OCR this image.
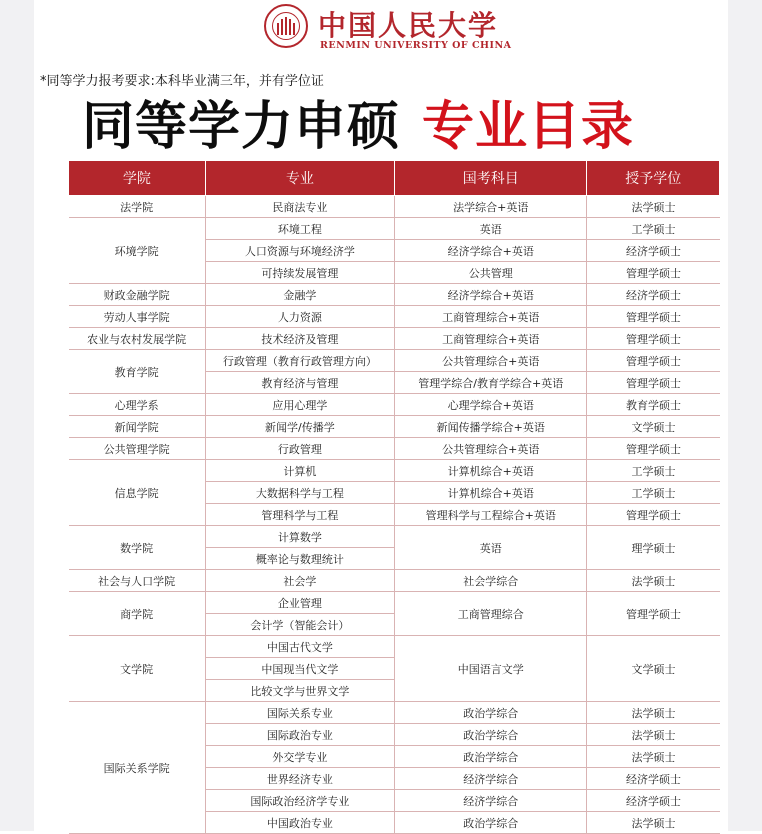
中国人民大学
RENMIN UNIVERSITY OF CHINA
*同等学力报考要求:本科毕业满三年，并有学位证
同等学力申硕 专业目录
学院	专业	国考科目	授予学位
法学院	民商法专业	法学综合+英语	法学硕士
环境学院	环境工程	英语	工学硕士
	人口资源与环境经济学	经济学综合+英语	经济学硕士
	可持续发展管理	公共管理	管理学硕士
财政金融学院	金融学	经济学综合+英语	经济学硕士
劳动人事学院	人力资源	工商管理综合+英语	管理学硕士
农业与农村发展学院	技术经济及管理	工商管理综合+英语	管理学硕士
教育学院	行政管理（教育行政管理方向）	公共管理综合+英语	管理学硕士
	教育经济与管理	管理学综合/教育学综合+英语	管理学硕士
心理学系	应用心理学	心理学综合+英语	教育学硕士
新闻学院	新闻学/传播学	新闻传播学综合+英语	文学硕士
公共管理学院	行政管理	公共管理综合+英语	管理学硕士
信息学院	计算机	计算机综合+英语	工学硕士
	大数据科学与工程	计算机综合+英语	工学硕士
	管理科学与工程	管理科学与工程综合+英语	管理学硕士
数学院	计算数学	英语	理学硕士
	概率论与数理统计		
社会与人口学院	社会学	社会学综合	法学硕士
商学院	企业管理	工商管理综合	管理学硕士
	会计学（智能会计）		
文学院	中国古代文学	中国语言文学	文学硕士
	中国现当代文学		
	比较文学与世界文学		
国际关系学院	国际关系专业	政治学综合	法学硕士
	国际政治专业	政治学综合	法学硕士
	外交学专业	政治学综合	法学硕士
	世界经济专业	经济学综合	经济学硕士
	国际政治经济学专业	经济学综合	经济学硕士
	中国政治专业	政治学综合	法学硕士
